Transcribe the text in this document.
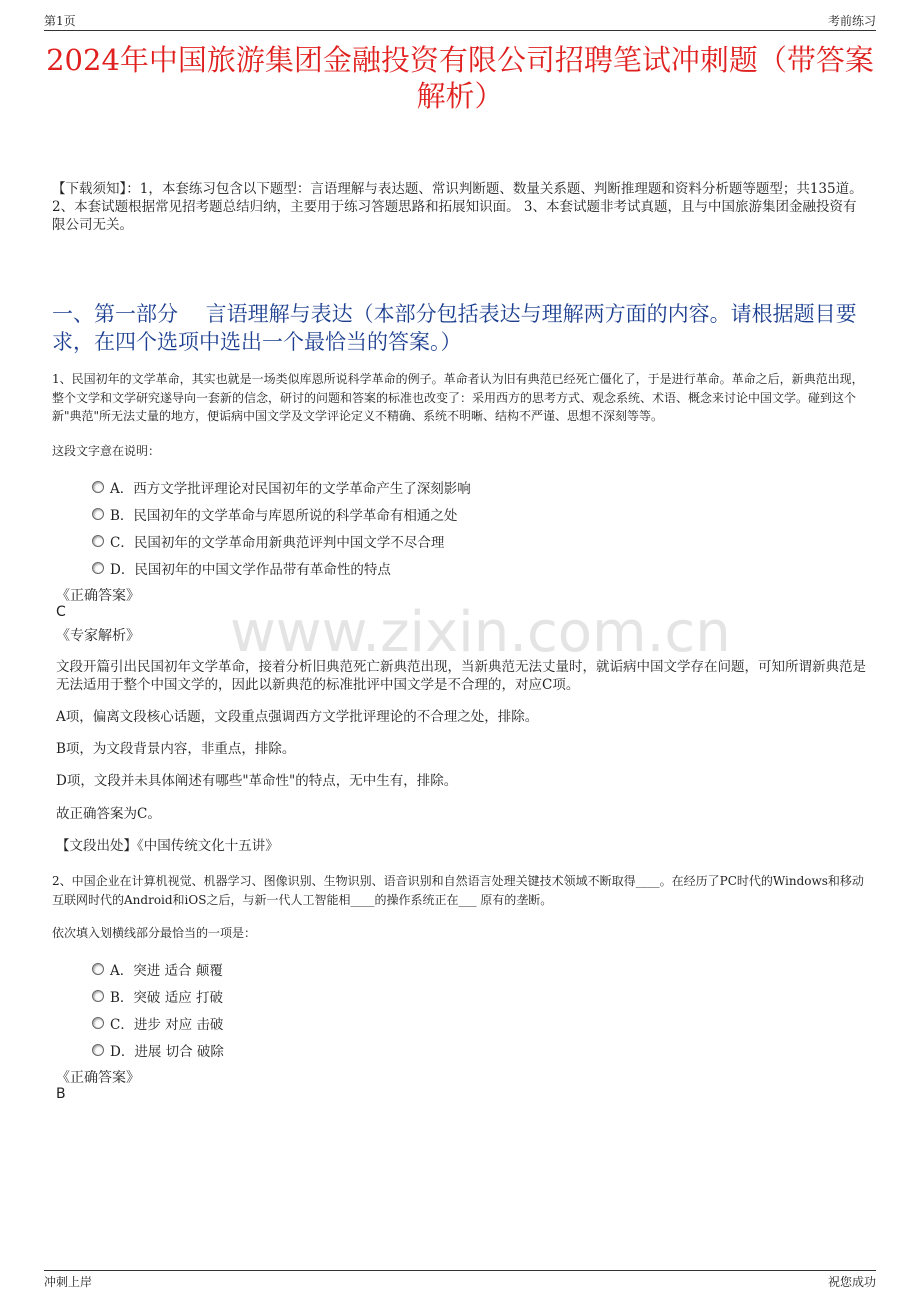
第1页	考前练习
2024年中国旅游集团金融投资有限公司招聘笔试冲刺题（带答案解析）
【下载须知】：1，本套练习包含以下题型：言语理解与表达题、常识判断题、数量关系题、判断推理题和资料分析题等题型；共135道。 2、本套试题根据常见招考题总结归纳，主要用于练习答题思路和拓展知识面。 3、本套试题非考试真题，且与中国旅游集团金融投资有限公司无关。
一、第一部分　 言语理解与表达（本部分包括表达与理解两方面的内容。请根据题目要求，在四个选项中选出一个最恰当的答案。）
www.zixin.com.cn
1、民国初年的文学革命，其实也就是一场类似库恩所说科学革命的例子。革命者认为旧有典范已经死亡僵化了，于是进行革命。革命之后，新典范出现，整个文学和文学研究遂导向一套新的信念，研讨的问题和答案的标准也改变了：采用西方的思考方式、观念系统、术语、概念来讨论中国文学。碰到这个新"典范"所无法丈量的地方，便诟病中国文学及文学评论定义不精确、系统不明晰、结构不严谨、思想不深刻等等。
这段文字意在说明：
A．西方文学批评理论对民国初年的文学革命产生了深刻影响
B．民国初年的文学革命与库恩所说的科学革命有相通之处
C．民国初年的文学革命用新典范评判中国文学不尽合理
D．民国初年的中国文学作品带有革命性的特点
《正确答案》
C
《专家解析》
文段开篇引出民国初年文学革命，接着分析旧典范死亡新典范出现，当新典范无法丈量时，就诟病中国文学存在问题，可知所谓新典范是无法适用于整个中国文学的，因此以新典范的标准批评中国文学是不合理的，对应C项。
A项，偏离文段核心话题，文段重点强调西方文学批评理论的不合理之处，排除。
B项，为文段背景内容，非重点，排除。
D项，文段并未具体阐述有哪些"革命性"的特点，无中生有，排除。
故正确答案为C。
【文段出处】《中国传统文化十五讲》
2、中国企业在计算机视觉、机器学习、图像识别、生物识别、语音识别和自然语言处理关键技术领域不断取得____。在经历了PC时代的Windows和移动互联网时代的Android和iOS之后，与新一代人工智能相____的操作系统正在___ 原有的垄断。
依次填入划横线部分最恰当的一项是：
A．突进 适合 颠覆
B．突破 适应 打破
C．进步 对应 击破
D．进展 切合 破除
《正确答案》
B
冲刺上岸	祝您成功
